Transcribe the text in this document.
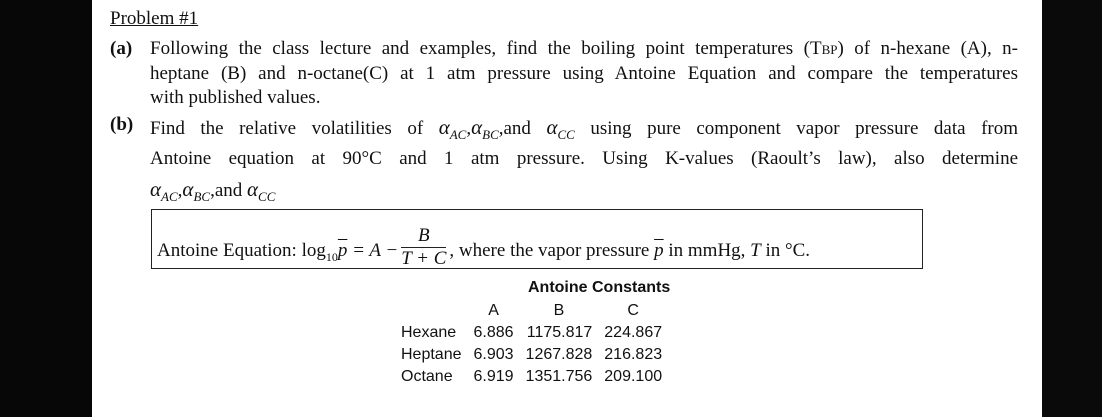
Problem #1
(a) Following the class lecture and examples, find the boiling point temperatures (TBP) of n-hexane (A), n-
heptane (B) and n-octane(C) at 1 atm pressure using Antoine Equation and compare the temperatures
with published values.
(b) Find the relative volatilities of $\alpha_{AC},\alpha_{BC},and$ $\alpha_{CC}$ using pure component vapor pressure data from
Antoine equation at 90°C and 1 atm pressure. Using K-values (Raoult’s law), also determine
$\alpha_{AC},\alpha_{BC},and$ $\alpha_{CC}$
Antoine Equation: $\log_{10}\overline{p} = A - \frac{B}{T + C}$ , where the vapor pressure $\overline{p}$ in mmHg, T in °C.
Antoine Constants
	A	B	C
Hexane	6.886	1175.817	224.867
Heptane	6.903	1267.828	216.823
Octane	6.919	1351.756	209.100
